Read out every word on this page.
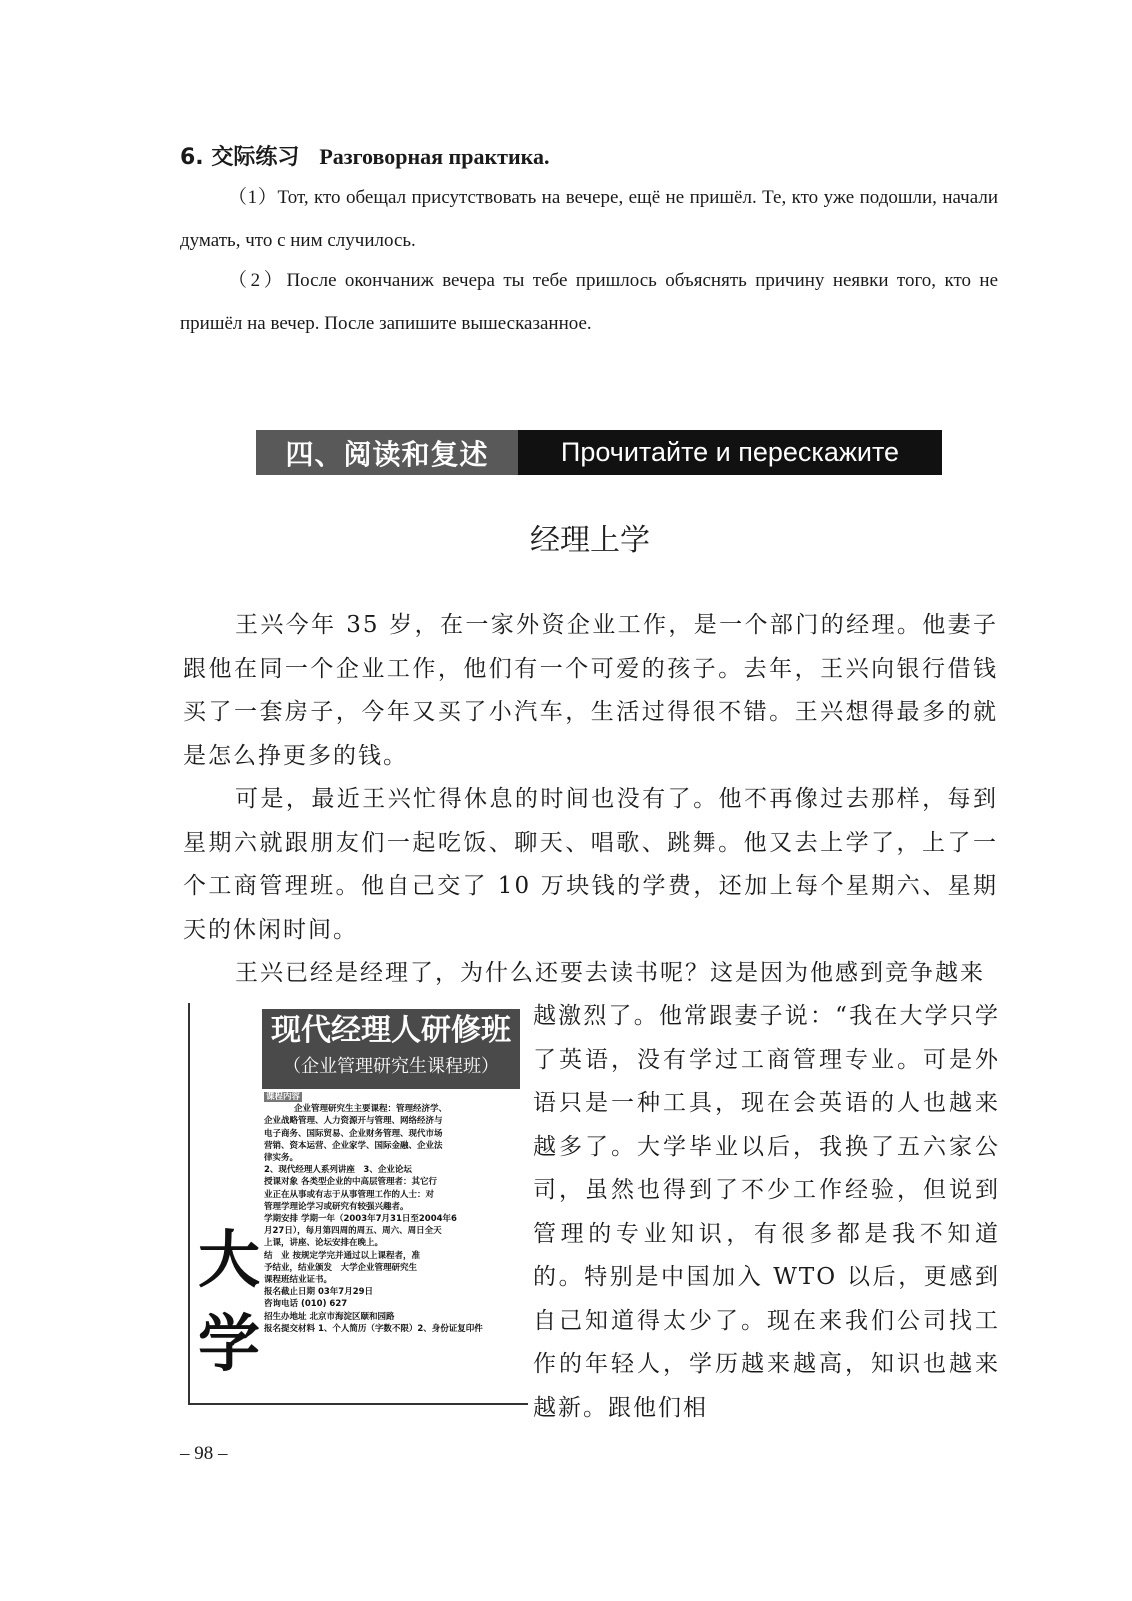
6. 交际练习 Разговорная практика.

（1）Тот, кто обещал присутствовать на вечере, ещё не пришёл. Те, кто уже подошли, начали думать, что с ним случилось.

（2）После окончаниж вечера ты тебе пришлось объяснять причину неявки того, кто не пришёл на вечер. После запишите вышесказанное.

四、阅读和复述	Прочитайте и перескажите
经理上学

王兴今年 35 岁，在一家外资企业工作，是一个部门的经理。他妻子跟他在同一个企业工作，他们有一个可爱的孩子。去年，王兴向银行借钱买了一套房子，今年又买了小汽车，生活过得很不错。王兴想得最多的就是怎么挣更多的钱。

可是，最近王兴忙得休息的时间也没有了。他不再像过去那样，每到星期六就跟朋友们一起吃饭、聊天、唱歌、跳舞。他又去上学了，上了一个工商管理班。他自己交了 10 万块钱的学费，还加上每个星期六、星期天的休闲时间。

王兴已经是经理了，为什么还要去读书呢？这是因为他感到竞争越来

越激烈了。他常跟妻子说：“我在大学只学了英语，没有学过工商管理专业。可是外语只是一种工具，现在会英语的人也越来越多了。大学毕业以后，我换了五六家公司，虽然也得到了不少工作经验，但说到管理的专业知识，有很多都是我不知道的。特别是中国加入 WTO 以后，更感到自己知道得太少了。现在来我们公司找工作的年轻人，学历越来越高，知识也越来越新。跟他们相

现代经理人研修班
（企业管理研究生课程班）
大学
课程内容
企业管理研究生主要课程：管理经济学、
企业战略管理、人力资源开与管理、网络经济与
电子商务、国际贸易、企业财务管理、现代市场
营销、资本运营、企业家学、国际金融、企业法
律实务。
2、现代经理人系列讲座　3、企业论坛
授课对象 各类型企业的中高层管理者：其它行
业正在从事或有志于从事管理工作的人士：对
管理学理论学习或研究有较强兴趣者。
学期安排 学期一年（2003年7月31日至2004年6
月27日），每月第四周的周五、周六、周日全天
上课，讲座、论坛安排在晚上。
结　业 按规定学完并通过以上课程者，准
予结业，结业颁发　大学企业管理研究生
课程班结业证书。
报名截止日期 03年7月29日
咨询电话 (010) 627
招生办地址 北京市海淀区颐和园路
报名提交材料 1、个人简历（字数不限）2、身份证复印件
– 98 –
